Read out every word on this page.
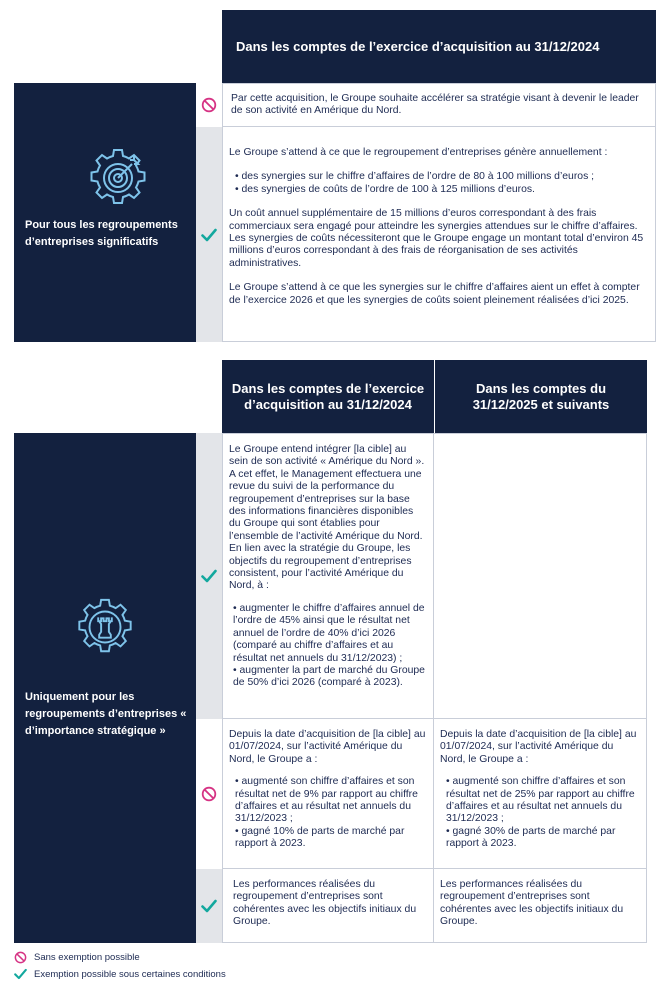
Dans les comptes de l’exercice d’acquisition au 31/12/2024
Pour tous les regroupements d’entreprises significatifs

Par cette acquisition, le Groupe souhaite accélérer sa stratégie visant à devenir le leader de son activité en Amérique du Nord.

Le Groupe s’attend à ce que le regroupement d’entreprises génère annuellement :

• des synergies sur le chiffre d’affaires de l’ordre de 80 à 100 millions d’euros ;
• des synergies de coûts de l’ordre de 100 à 125 millions d’euros.

Un coût annuel supplémentaire de 15 millions d’euros correspondant à des frais commerciaux sera engagé pour atteindre les synergies attendues sur le chiffre d’affaires. Les synergies de coûts nécessiteront que le Groupe engage un montant total d’environ 45 millions d’euros correspondant à des frais de réorganisation de ses activités administratives.

Le Groupe s’attend à ce que les synergies sur le chiffre d’affaires aient un effet à compter de l’exercice 2026 et que les synergies de coûts soient pleinement réalisées d’ici 2025.

Dans les comptes de l’exercice d’acquisition au 31/12/2024
Dans les comptes du 31/12/2025 et suivants
Uniquement pour les regroupements d’entreprises « d’importance stratégique »

Le Groupe entend intégrer [la cible] au sein de son activité « Amérique du Nord ». A cet effet, le Management effectuera une revue du suivi de la performance du regroupement d’entreprises sur la base des informations financières disponibles du Groupe qui sont établies pour l’ensemble de l’activité Amérique du Nord. En lien avec la stratégie du Groupe, les objectifs du regroupement d’entreprises consistent, pour l’activité Amérique du Nord, à :

• augmenter le chiffre d’affaires annuel de l’ordre de 45% ainsi que le résultat net annuel de l’ordre de 40% d’ici 2026 (comparé au chiffre d’affaires et au résultat net annuels du 31/12/2023) ;
• augmenter la part de marché du Groupe de 50% d’ici 2026 (comparé à 2023).

Depuis la date d’acquisition de [la cible] au 01/07/2024, sur l’activité Amérique du Nord, le Groupe a :

• augmenté son chiffre d’affaires et son résultat net de 9% par rapport au chiffre d’affaires et au résultat net annuels du 31/12/2023 ;
• gagné 10% de parts de marché par rapport à 2023.

Depuis la date d’acquisition de [la cible] au 01/07/2024, sur l’activité Amérique du Nord, le Groupe a :

• augmenté son chiffre d’affaires et son résultat net de 25% par rapport au chiffre d’affaires et au résultat net annuels du 31/12/2023 ;
• gagné 30% de parts de marché par rapport à 2023.

Les performances réalisées du regroupement d’entreprises sont cohérentes avec les objectifs initiaux du Groupe.

Les performances réalisées du regroupement d’entreprises sont cohérentes avec les objectifs initiaux du Groupe.

Sans exemption possible
Exemption possible sous certaines conditions
